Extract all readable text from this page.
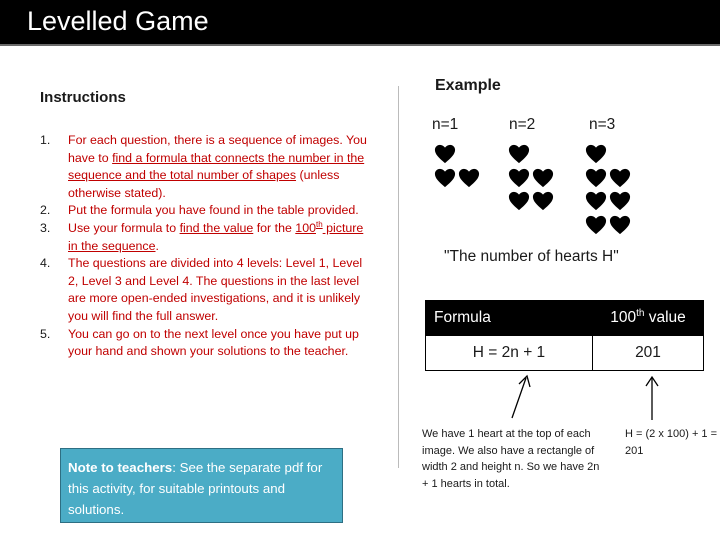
Levelled Game
Instructions
1. For each question, there is a sequence of images. You have to find a formula that connects the number in the sequence and the total number of shapes (unless otherwise stated).
2. Put the formula you have found in the table provided.
3. Use your formula to find the value for the 100th picture in the sequence.
4. The questions are divided into 4 levels: Level 1, Level 2, Level 3 and Level 4. The questions in the last level are more open-ended investigations, and it is unlikely you will find the full answer.
5. You can go on to the next level once you have put up your hand and shown your solutions to the teacher.
Note to teachers: See the separate pdf for this activity, for suitable printouts and solutions.
Example
n=1	n=2	n=3
"The number of hearts H"
Formula	100th value
H = 2n + 1	201
We have 1 heart at the top of each image. We also have a rectangle of width 2 and height n. So we have 2n + 1 hearts in total.
H = (2 x 100) + 1 = 201
